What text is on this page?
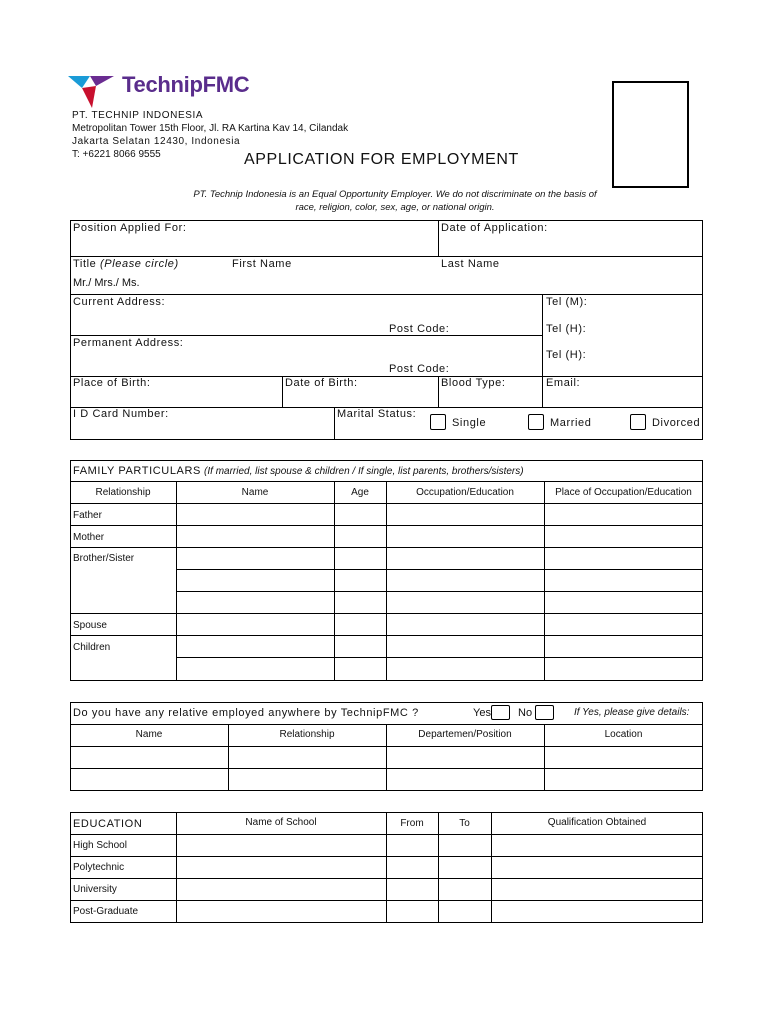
TechnipFMC
PT. TECHNIP INDONESIA
Metropolitan Tower 15th Floor, Jl. RA Kartina Kav 14, Cilandak
Jakarta Selatan 12430, Indonesia
T: +6221 8066 9555	APPLICATION FOR EMPLOYMENT
PT. Technip Indonesia is an Equal Opportunity Employer. We do not discriminate on the basis of
race, religion, color, sex, age, or national origin.
Position Applied For:	Date of Application:
Title (Please circle)	First Name	Last Name
Mr./ Mrs./ Ms.
Current Address:
Post Code:
Tel (M):
Tel (H):
Permanent Address:
Post Code:
Tel (H):
Place of Birth:	Date of Birth:	Blood Type:	Email:
I D Card Number:	Marital Status:
Single	Married	Divorced
FAMILY PARTICULARS (If married, list spouse & children / If single, list parents, brothers/sisters)
Relationship	Name	Age	Occupation/Education	Place of Occupation/Education
Father
Mother
Brother/Sister
Spouse
Children
Do you have any relative employed anywhere by TechnipFMC ?	Yes No	If Yes, please give details:
Name	Relationship	Departemen/Position	Location
EDUCATION	Name of School	From	To	Qualification Obtained
High School
Polytechnic
University
Post-Graduate
